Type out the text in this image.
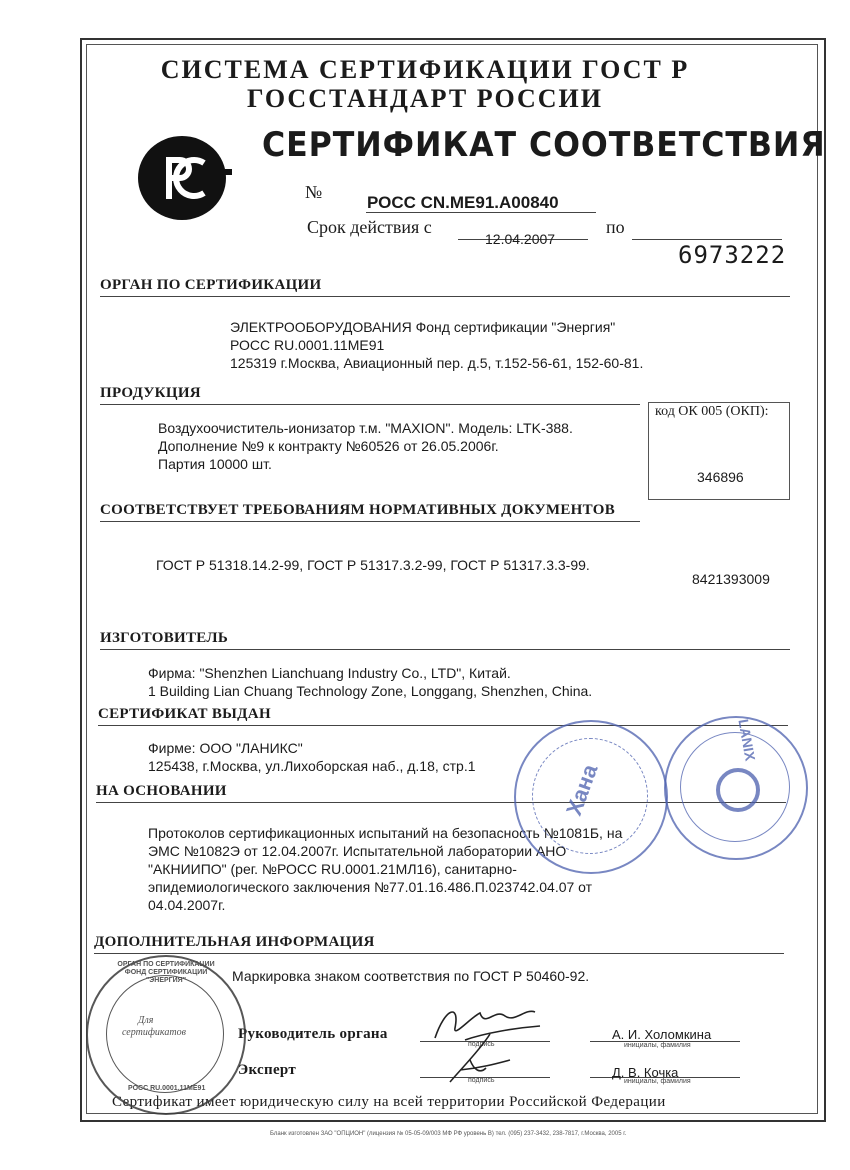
СИСТЕМА СЕРТИФИКАЦИИ ГОСТ Р
ГОССТАНДАРТ РОССИИ
СЕРТИФИКАТ СООТВЕТСТВИЯ
№
РОСС CN.ME91.A00840
Срок действия с
12.04.2007
по
6973222
ОРГАН ПО СЕРТИФИКАЦИИ
ЭЛЕКТРООБОРУДОВАНИЯ Фонд сертификации "Энергия"
РОСС RU.0001.11МЕ91
125319 г.Москва, Авиационный пер. д.5, т.152-56-61, 152-60-81.
ПРОДУКЦИЯ
Воздухоочиститель-ионизатор т.м. "MAXION". Модель: LTK-388.
Дополнение №9 к контракту №60526 от 26.05.2006г.
Партия 10000 шт.
код ОК 005 (ОКП):
346896
СООТВЕТСТВУЕТ ТРЕБОВАНИЯМ НОРМАТИВНЫХ ДОКУМЕНТОВ
ГОСТ Р 51318.14.2-99, ГОСТ Р 51317.3.2-99, ГОСТ Р 51317.3.3-99.
8421393009
ИЗГОТОВИТЕЛЬ
Фирма: "Shenzhen Lianchuang Industry Co., LTD", Китай.
1 Building Lian Chuang Technology Zone, Longgang, Shenzhen, China.
СЕРТИФИКАТ ВЫДАН
Фирме: ООО "ЛАНИКС"
125438, г.Москва, ул.Лихоборская наб., д.18, стр.1
НА ОСНОВАНИИ
Протоколов сертификационных испытаний на безопасность №1081Б, на
ЭМС №1082Э от 12.04.2007г. Испытательной лаборатории АНО
"АКНИИПО" (рег. №РОСС RU.0001.21МЛ16), санитарно-
эпидемиологического заключения №77.01.16.486.П.023742.04.07 от
04.04.2007г.
ДОПОЛНИТЕЛЬНАЯ ИНФОРМАЦИЯ
Маркировка знаком соответствия по ГОСТ Р 50460-92.
Руководитель органа
подпись
А. И. Холомкина
инициалы, фамилия
Эксперт
подпись
Д. В. Кочка
инициалы, фамилия
Сертификат имеет юридическую силу на всей территории Российской Федерации
Бланк изготовлен ЗАО "ОПЦИОН" (лицензия № 05-05-09/003 МФ РФ уровень В) тел. (095) 237-3432, 238-7817, г.Москва, 2005 г.
ОРГАН ПО СЕРТИФИКАЦИИ ФОНД СЕРТИФИКАЦИИ "ЭНЕРГИЯ"
Для
сертификатов
РОСС RU.0001.11МЕ91
Хана
LANIX
РСТ
